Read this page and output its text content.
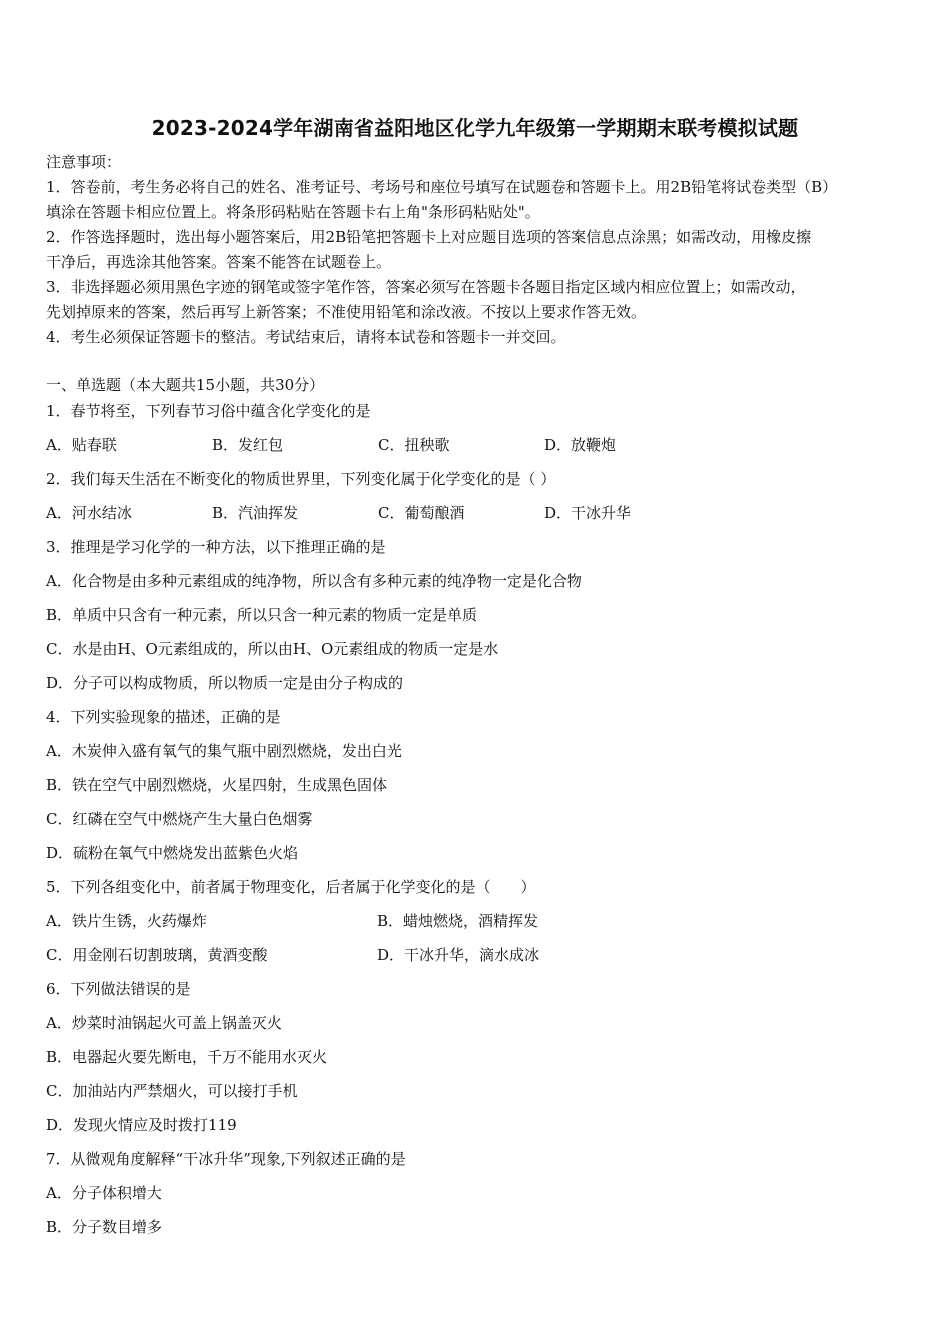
2023-2024学年湖南省益阳地区化学九年级第一学期期末联考模拟试题

注意事项：

1．答卷前，考生务必将自己的姓名、准考证号、考场号和座位号填写在试题卷和答题卡上。用2B铅笔将试卷类型（B）

填涂在答题卡相应位置上。将条形码粘贴在答题卡右上角"条形码粘贴处"。

2．作答选择题时，选出每小题答案后，用2B铅笔把答题卡上对应题目选项的答案信息点涂黑；如需改动，用橡皮擦

干净后，再选涂其他答案。答案不能答在试题卷上。

3．非选择题必须用黑色字迹的钢笔或签字笔作答，答案必须写在答题卡各题目指定区域内相应位置上；如需改动，

先划掉原来的答案，然后再写上新答案；不准使用铅笔和涂改液。不按以上要求作答无效。

4．考生必须保证答题卡的整洁。考试结束后，请将本试卷和答题卡一并交回。

一、单选题（本大题共15小题，共30分）
1．春节将至，下列春节习俗中蕴含化学变化的是
A．贴春联	B．发红包	C．扭秧歌	D．放鞭炮
2．我们每天生活在不断变化的物质世界里，下列变化属于化学变化的是（ ）
A．河水结冰	B．汽油挥发	C．葡萄酿酒	D．干冰升华
3．推理是学习化学的一种方法，以下推理正确的是
A．化合物是由多种元素组成的纯净物，所以含有多种元素的纯净物一定是化合物
B．单质中只含有一种元素，所以只含一种元素的物质一定是单质
C．水是由H、O元素组成的，所以由H、O元素组成的物质一定是水
D．分子可以构成物质，所以物质一定是由分子构成的
4．下列实验现象的描述，正确的是
A．木炭伸入盛有氧气的集气瓶中剧烈燃烧，发出白光
B．铁在空气中剧烈燃烧，火星四射，生成黑色固体
C．红磷在空气中燃烧产生大量白色烟雾
D．硫粉在氧气中燃烧发出蓝紫色火焰
5．下列各组变化中，前者属于物理变化，后者属于化学变化的是（　　）
A．铁片生锈，火药爆炸	B．蜡烛燃烧，酒精挥发
C．用金刚石切割玻璃，黄酒变酸	D．干冰升华，滴水成冰
6．下列做法错误的是
A．炒菜时油锅起火可盖上锅盖灭火
B．电器起火要先断电，千万不能用水灭火
C．加油站内严禁烟火，可以接打手机
D．发现火情应及时拨打119
7．从微观角度解释“干冰升华”现象,下列叙述正确的是
A．分子体积增大
B．分子数目增多
